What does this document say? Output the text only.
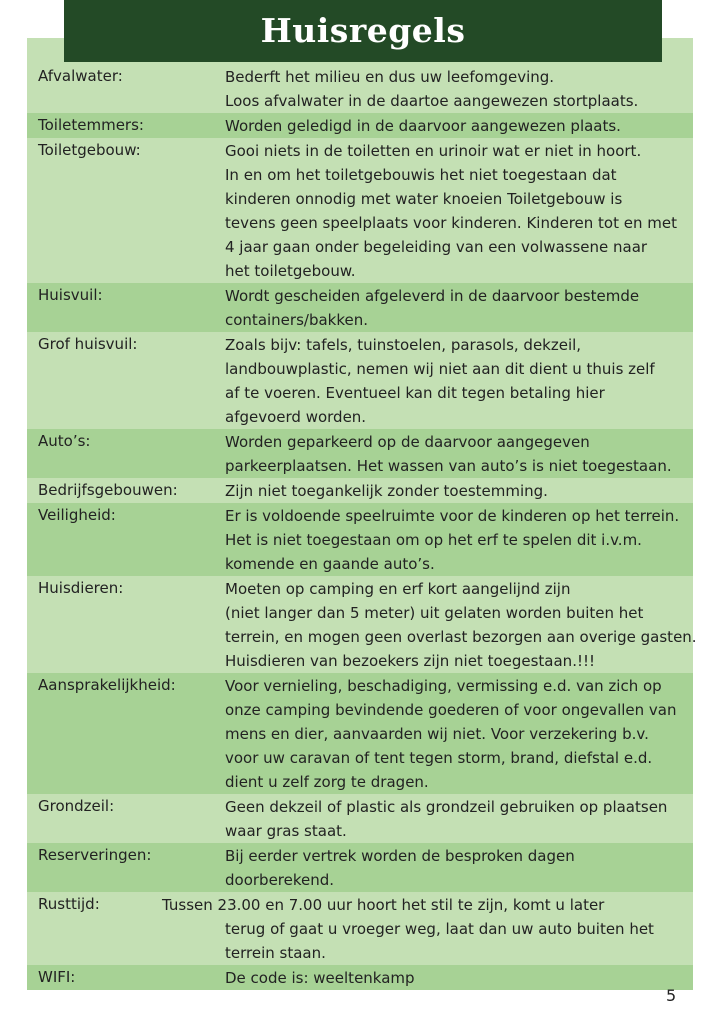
Huisregels
Afvalwater:	Bederft het milieu en dus uw leefomgeving.
Loos afvalwater in de daartoe aangewezen stortplaats.
Toiletemmers:	Worden geledigd in de daarvoor aangewezen plaats.
Toiletgebouw:	Gooi niets in de toiletten en urinoir wat er niet in hoort.
In en om het toiletgebouwis het niet toegestaan dat
kinderen onnodig met water knoeien Toiletgebouw is
tevens geen speelplaats voor kinderen. Kinderen tot en met
4 jaar gaan onder begeleiding van een volwassene naar
het toiletgebouw.
Huisvuil:	Wordt gescheiden afgeleverd in de daarvoor bestemde
containers/bakken.
Grof huisvuil:	Zoals bijv: tafels, tuinstoelen, parasols, dekzeil,
landbouwplastic, nemen wij niet aan dit dient u thuis zelf
af te voeren. Eventueel kan dit tegen betaling hier
afgevoerd worden.
Auto’s:	Worden geparkeerd op de daarvoor aangegeven
parkeerplaatsen. Het wassen van auto’s is niet toegestaan.
Bedrijfsgebouwen:	Zijn niet toegankelijk zonder toestemming.
Veiligheid:	Er is voldoende speelruimte voor de kinderen op het terrein.
Het is niet toegestaan om op het erf te spelen dit i.v.m.
komende en gaande auto’s.
Huisdieren:	Moeten op camping en erf kort aangelijnd zijn
(niet langer dan 5 meter) uit gelaten worden buiten het
terrein, en mogen geen overlast bezorgen aan overige gasten.
Huisdieren van bezoekers zijn niet toegestaan.!!!
Aansprakelijkheid:	Voor vernieling, beschadiging, vermissing e.d. van zich op
onze camping bevindende goederen of voor ongevallen van
mens en dier, aanvaarden wij niet. Voor verzekering b.v.
voor uw caravan of tent tegen storm, brand, diefstal e.d.
dient u zelf zorg te dragen.
Grondzeil:	Geen dekzeil of plastic als grondzeil gebruiken op plaatsen
waar gras staat.
Reserveringen:	Bij eerder vertrek worden de besproken dagen
doorberekend.
Rusttijd:	Tussen 23.00 en 7.00 uur hoort het stil te zijn, komt u later
terug of gaat u vroeger weg, laat dan uw auto buiten het
terrein staan.
WIFI:	De code is: weeltenkamp
5
